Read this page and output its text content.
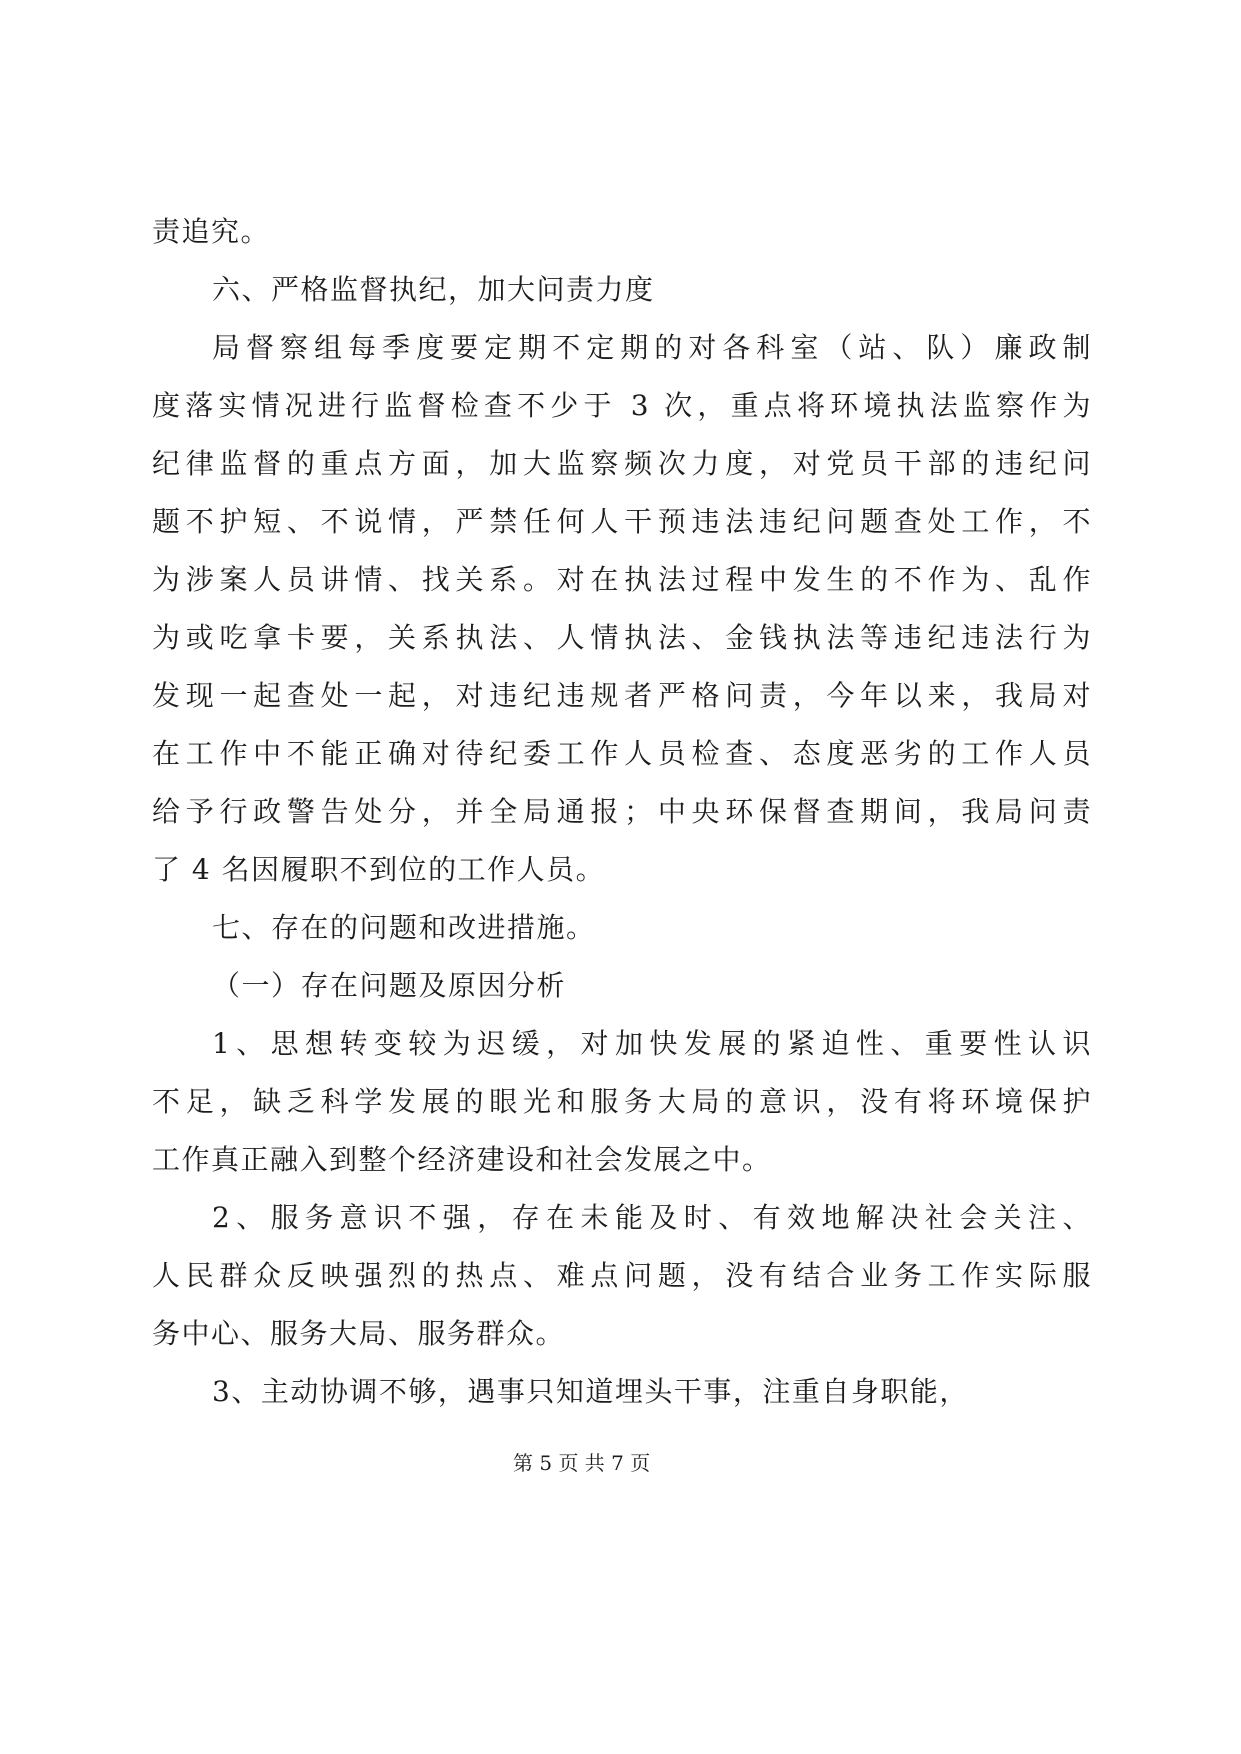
责追究。
六、严格监督执纪，加大问责力度
局督察组每季度要定期不定期的对各科室（站、队）廉政制
度落实情况进行监督检查不少于 3 次，重点将环境执法监察作为
纪律监督的重点方面，加大监察频次力度，对党员干部的违纪问
题不护短、不说情，严禁任何人干预违法违纪问题查处工作，不
为涉案人员讲情、找关系。对在执法过程中发生的不作为、乱作
为或吃拿卡要，关系执法、人情执法、金钱执法等违纪违法行为
发现一起查处一起，对违纪违规者严格问责，今年以来，我局对
在工作中不能正确对待纪委工作人员检查、态度恶劣的工作人员
给予行政警告处分，并全局通报；中央环保督查期间，我局问责
了 4 名因履职不到位的工作人员。
七、存在的问题和改进措施。
（一）存在问题及原因分析
1、思想转变较为迟缓，对加快发展的紧迫性、重要性认识
不足，缺乏科学发展的眼光和服务大局的意识，没有将环境保护
工作真正融入到整个经济建设和社会发展之中。
2、服务意识不强，存在未能及时、有效地解决社会关注、
人民群众反映强烈的热点、难点问题，没有结合业务工作实际服
务中心、服务大局、服务群众。
3、主动协调不够，遇事只知道埋头干事，注重自身职能，
第 5 页 共 7 页
